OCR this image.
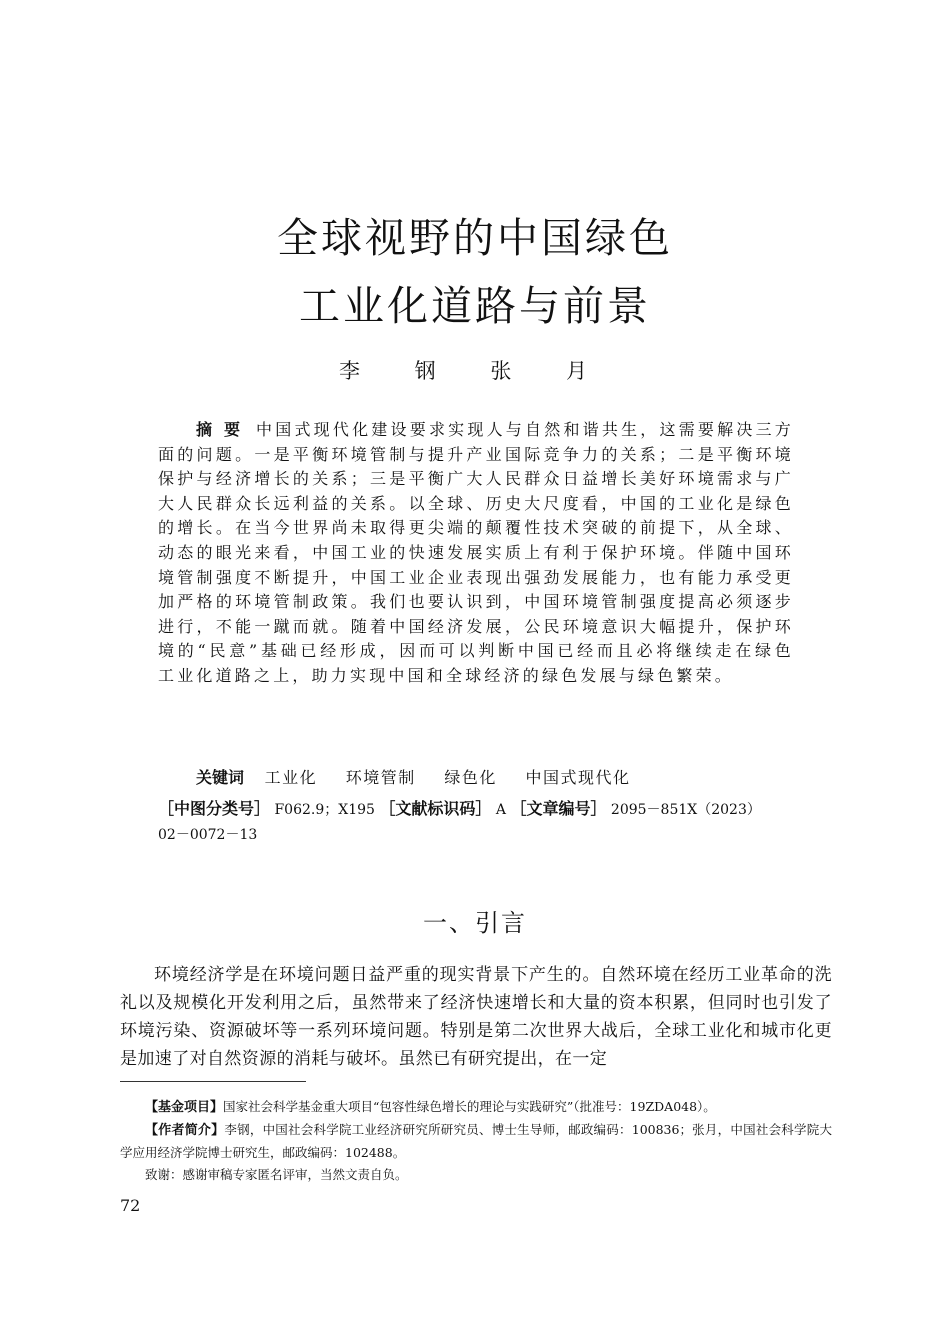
全球视野的中国绿色
工业化道路与前景
李 钢 张 月
摘要 中国式现代化建设要求实现人与自然和谐共生，这需要解决三方面的问题。一是平衡环境管制与提升产业国际竞争力的关系；二是平衡环境保护与经济增长的关系；三是平衡广大人民群众日益增长美好环境需求与广大人民群众长远利益的关系。以全球、历史大尺度看，中国的工业化是绿色的增长。在当今世界尚未取得更尖端的颠覆性技术突破的前提下，从全球、动态的眼光来看，中国工业的快速发展实质上有利于保护环境。伴随中国环境管制强度不断提升，中国工业企业表现出强劲发展能力，也有能力承受更加严格的环境管制政策。我们也要认识到，中国环境管制强度提高必须逐步进行，不能一蹴而就。随着中国经济发展，公民环境意识大幅提升，保护环境的“民意”基础已经形成，因而可以判断中国已经而且必将继续走在绿色工业化道路之上，助力实现中国和全球经济的绿色发展与绿色繁荣。
关键词 工业化 环境管制 绿色化 中国式现代化
［中图分类号］ F062.9；X195 ［文献标识码］ A ［文章编号］ 2095－851X（2023）
02－0072－13
一、引言

环境经济学是在环境问题日益严重的现实背景下产生的。自然环境在经历工业革命的洗礼以及规模化开发利用之后，虽然带来了经济快速增长和大量的资本积累，但同时也引发了环境污染、资源破坏等一系列环境问题。特别是第二次世界大战后，全球工业化和城市化更是加速了对自然资源的消耗与破坏。虽然已有研究提出，在一定

【基金项目】国家社会科学基金重大项目“包容性绿色增长的理论与实践研究”（批准号：19ZDA048）。

【作者简介】李钢，中国社会科学院工业经济研究所研究员、博士生导师，邮政编码：100836；张月，中国社会科学院大学应用经济学院博士研究生，邮政编码：102488。

致谢：感谢审稿专家匿名评审，当然文责自负。

72
